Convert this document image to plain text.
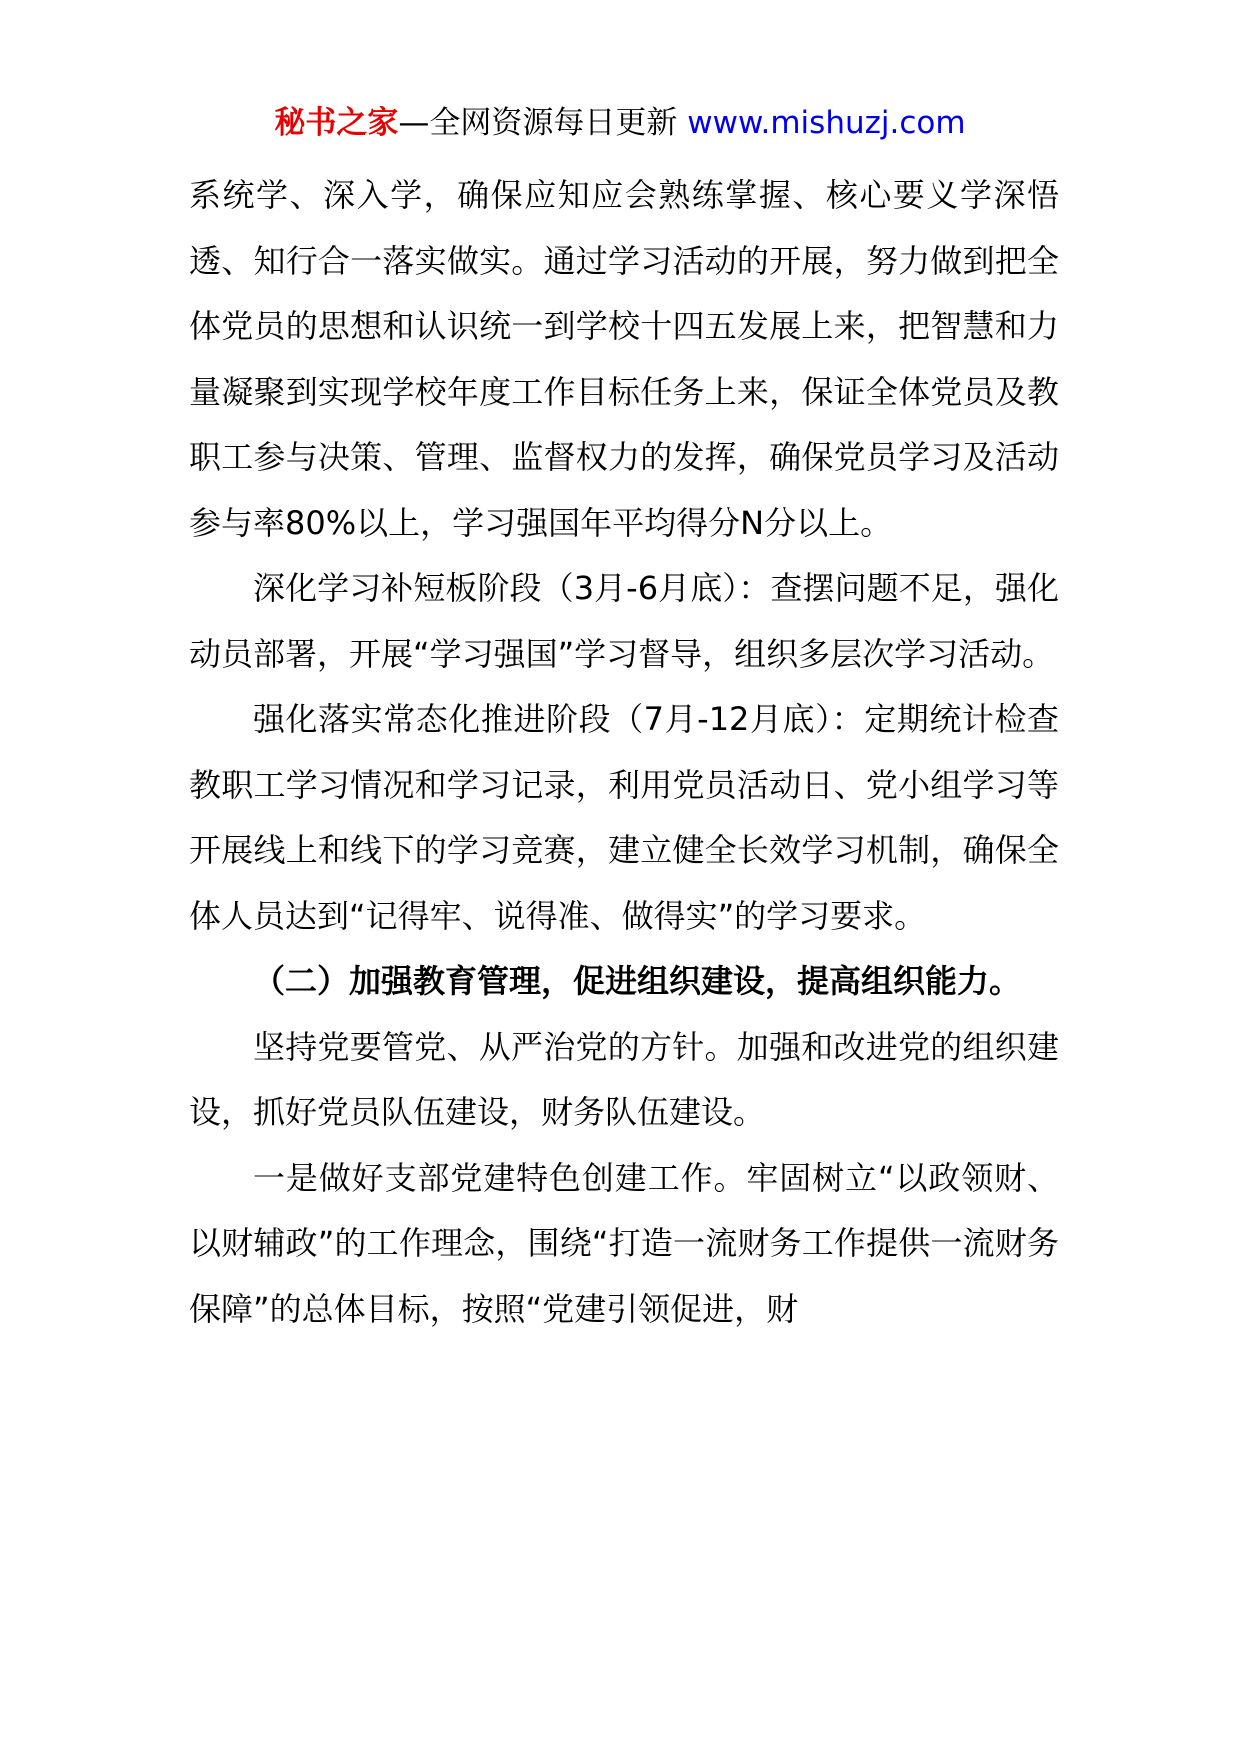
秘书之家—全网资源每日更新 www.mishuzj.com

系统学、深入学，确保应知应会熟练掌握、核心要义学深悟透、知行合一落实做实。通过学习活动的开展，努力做到把全体党员的思想和认识统一到学校十四五发展上来，把智慧和力量凝聚到实现学校年度工作目标任务上来，保证全体党员及教职工参与决策、管理、监督权力的发挥，确保党员学习及活动参与率80%以上，学习强国年平均得分N分以上。

深化学习补短板阶段（3月-6月底）：查摆问题不足，强化动员部署，开展“学习强国”学习督导，组织多层次学习活动。

强化落实常态化推进阶段（7月-12月底）：定期统计检查教职工学习情况和学习记录，利用党员活动日、党小组学习等开展线上和线下的学习竞赛，建立健全长效学习机制，确保全体人员达到“记得牢、说得准、做得实”的学习要求。

（二）加强教育管理，促进组织建设，提高组织能力。

坚持党要管党、从严治党的方针。加强和改进党的组织建设，抓好党员队伍建设，财务队伍建设。

一是做好支部党建特色创建工作。牢固树立“以政领财、以财辅政”的工作理念，围绕“打造一流财务工作提供一流财务保障”的总体目标，按照“党建引领促进，财
